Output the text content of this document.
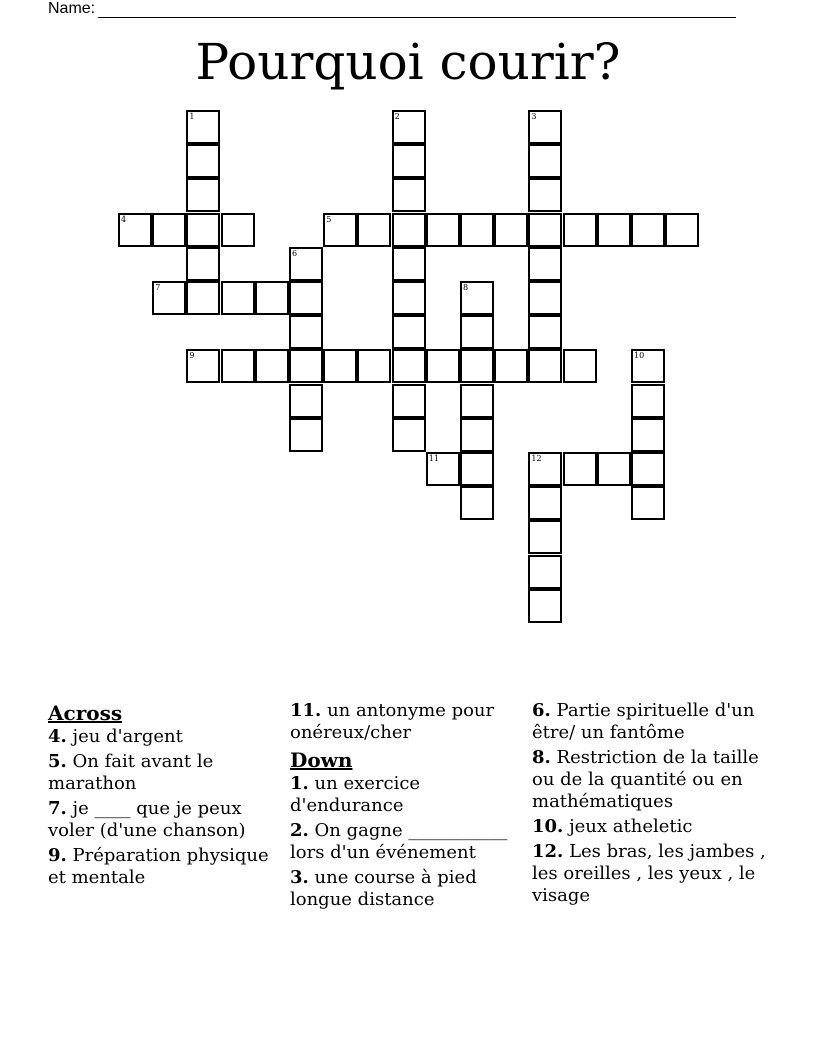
Name:
Pourquoi courir?
1	2	3
4	5
6
7	8
9	10
11	12
Across
4. jeu d'argent
5. On fait avant le marathon
7. je ____ que je peux voler (d'une chanson)
9. Préparation physique et mentale
11. un antonyme pour onéreux/cher
Down
1. un exercice d'endurance
2. On gagne ___________ lors d'un événement
3. une course à pied longue distance
6. Partie spirituelle d'un être/ un fantôme
8. Restriction de la taille ou de la quantité ou en mathématiques
10. jeux atheletic
12. Les bras, les jambes , les oreilles , les yeux , le visage
